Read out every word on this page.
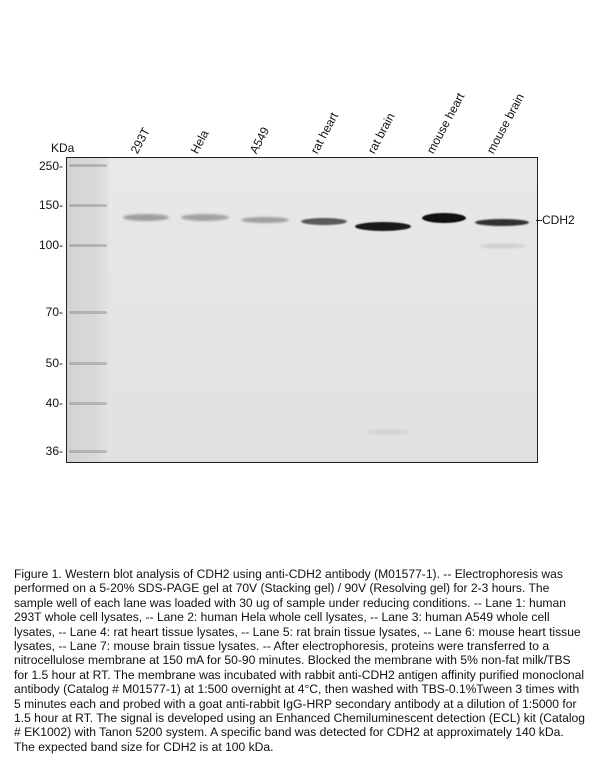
293T	Hela	A549	rat heart rat brain mouse heart mouse brain
KDa
250-
150-
100-
70-
50-
40-
36-
CDH2
Figure 1. Western blot analysis of CDH2 using anti-CDH2 antibody (M01577-1). -- Electrophoresis was performed on a 5-20% SDS-PAGE gel at 70V (Stacking gel) / 90V (Resolving gel) for 2-3 hours. The sample well of each lane was loaded with 30 ug of sample under reducing conditions. -- Lane 1: human 293T whole cell lysates, -- Lane 2: human Hela whole cell lysates, -- Lane 3: human A549 whole cell lysates, -- Lane 4: rat heart tissue lysates, -- Lane 5: rat brain tissue lysates, -- Lane 6: mouse heart tissue lysates, -- Lane 7: mouse brain tissue lysates. -- After electrophoresis, proteins were transferred to a nitrocellulose membrane at 150 mA for 50-90 minutes. Blocked the membrane with 5% non-fat milk/TBS for 1.5 hour at RT. The membrane was incubated with rabbit anti-CDH2 antigen affinity purified monoclonal antibody (Catalog # M01577-1) at 1:500 overnight at 4°C, then washed with TBS-0.1%Tween 3 times with 5 minutes each and probed with a goat anti-rabbit IgG-HRP secondary antibody at a dilution of 1:5000 for 1.5 hour at RT. The signal is developed using an Enhanced Chemiluminescent detection (ECL) kit (Catalog # EK1002) with Tanon 5200 system. A specific band was detected for CDH2 at approximately 140 kDa. The expected band size for CDH2 is at 100 kDa.
